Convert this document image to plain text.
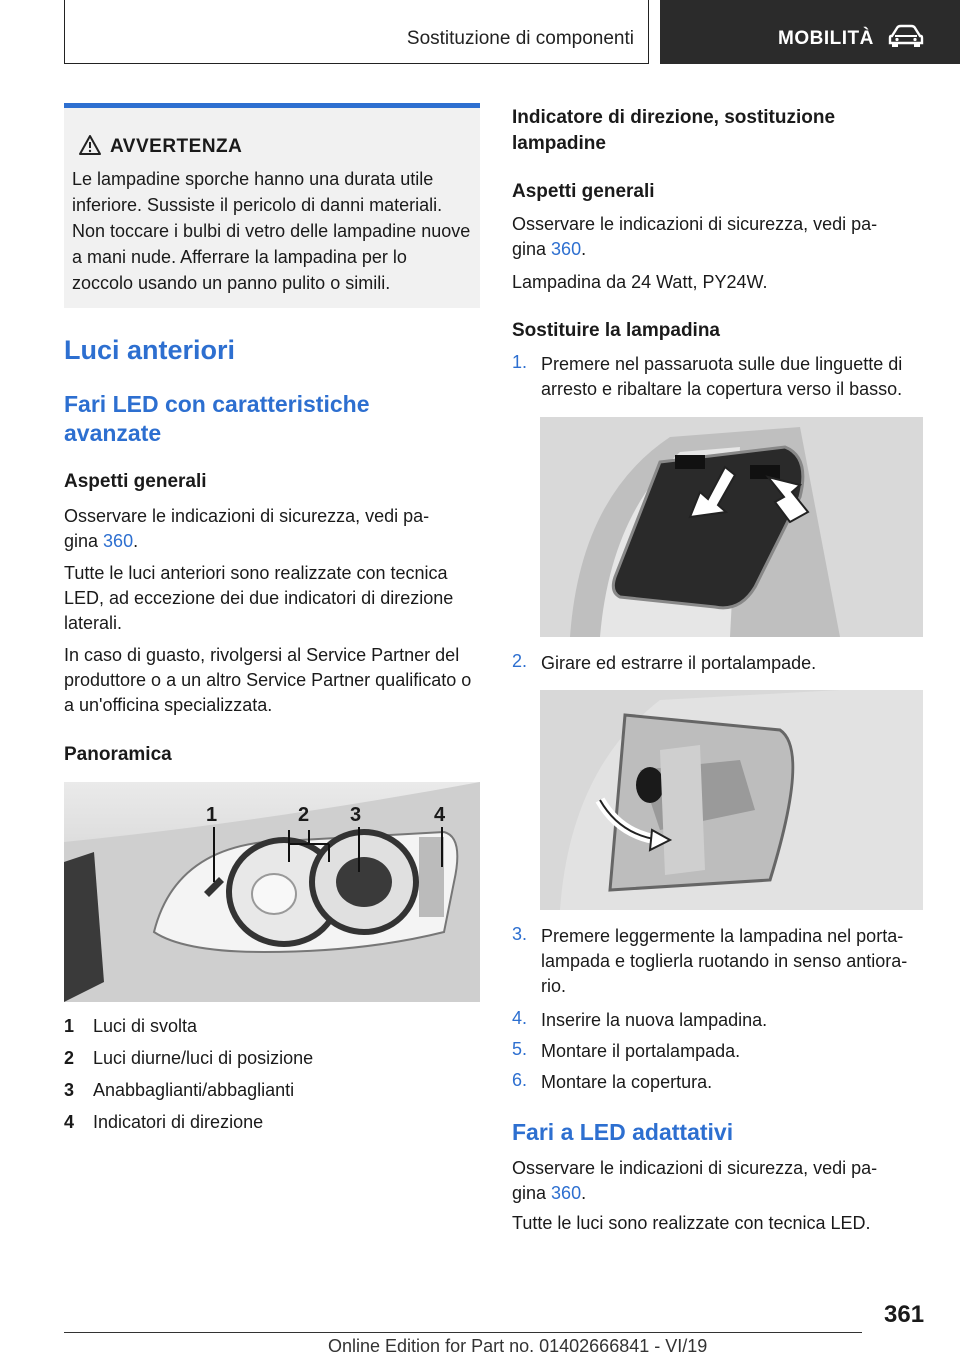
Sostituzione di componenti	MOBILITÀ
AVVERTENZA
Le lampadine sporche hanno una durata utile inferiore. Sussiste il pericolo di danni materiali. Non toccare i bulbi di vetro delle lampadine nuove a mani nude. Afferrare la lampadina per lo zoccolo usando un panno pulito o simili.
Luci anteriori
Fari LED con caratteristiche avanzate
Aspetti generali
Osservare le indicazioni di sicurezza, vedi pa-
gina 360.
Tutte le luci anteriori sono realizzate con tecnica LED, ad eccezione dei due indicatori di direzione laterali.
In caso di guasto, rivolgersi al Service Partner del produttore o a un altro Service Partner qualificato o a un'officina specializzata.
Panoramica
1	2 3	4
1 Luci di svolta
2 Luci diurne/luci di posizione
3 Anabbaglianti/abbaglianti
4 Indicatori di direzione
Indicatore di direzione, sostituzione lampadine
Aspetti generali
Osservare le indicazioni di sicurezza, vedi pa-
gina 360.
Lampadina da 24 Watt, PY24W.
Sostituire la lampadina
1. Premere nel passaruota sulle due linguette di arresto e ribaltare la copertura verso il basso.
2. Girare ed estrarre il portalampade.
3. Premere leggermente la lampadina nel porta-lampada e toglierla ruotando in senso antiora-rio.
4. Inserire la nuova lampadina.
5. Montare il portalampada.
6. Montare la copertura.
Fari a LED adattativi
Osservare le indicazioni di sicurezza, vedi pa-
gina 360.
Tutte le luci sono realizzate con tecnica LED.
361
Online Edition for Part no. 01402666841 - VI/19
